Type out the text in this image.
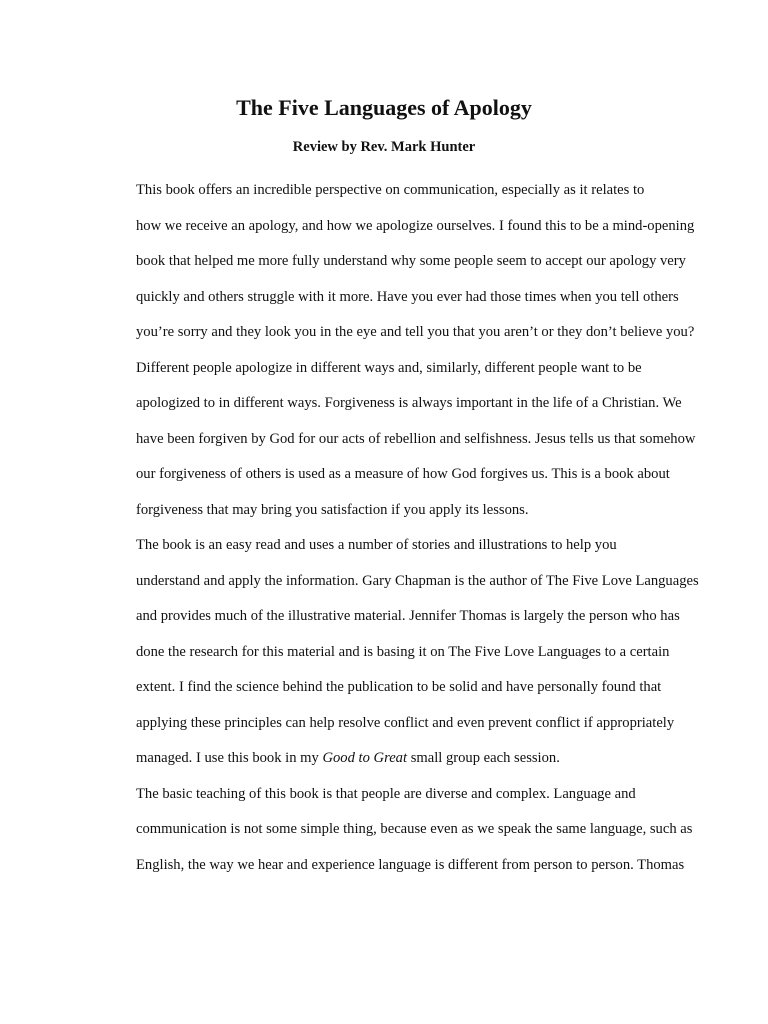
The Five Languages of Apology
Review by Rev. Mark Hunter

This book offers an incredible perspective on communication, especially as it relates to
how we receive an apology, and how we apologize ourselves. I found this to be a mind-opening
book that helped me more fully understand why some people seem to accept our apology very
quickly and others struggle with it more. Have you ever had those times when you tell others
you’re sorry and they look you in the eye and tell you that you aren’t or they don’t believe you?
Different people apologize in different ways and, similarly, different people want to be
apologized to in different ways. Forgiveness is always important in the life of a Christian. We
have been forgiven by God for our acts of rebellion and selfishness. Jesus tells us that somehow
our forgiveness of others is used as a measure of how God forgives us. This is a book about
forgiveness that may bring you satisfaction if you apply its lessons.

The book is an easy read and uses a number of stories and illustrations to help you
understand and apply the information. Gary Chapman is the author of The Five Love Languages
and provides much of the illustrative material. Jennifer Thomas is largely the person who has
done the research for this material and is basing it on The Five Love Languages to a certain
extent. I find the science behind the publication to be solid and have personally found that
applying these principles can help resolve conflict and even prevent conflict if appropriately
managed. I use this book in my Good to Great small group each session.

The basic teaching of this book is that people are diverse and complex. Language and
communication is not some simple thing, because even as we speak the same language, such as
English, the way we hear and experience language is different from person to person. Thomas
